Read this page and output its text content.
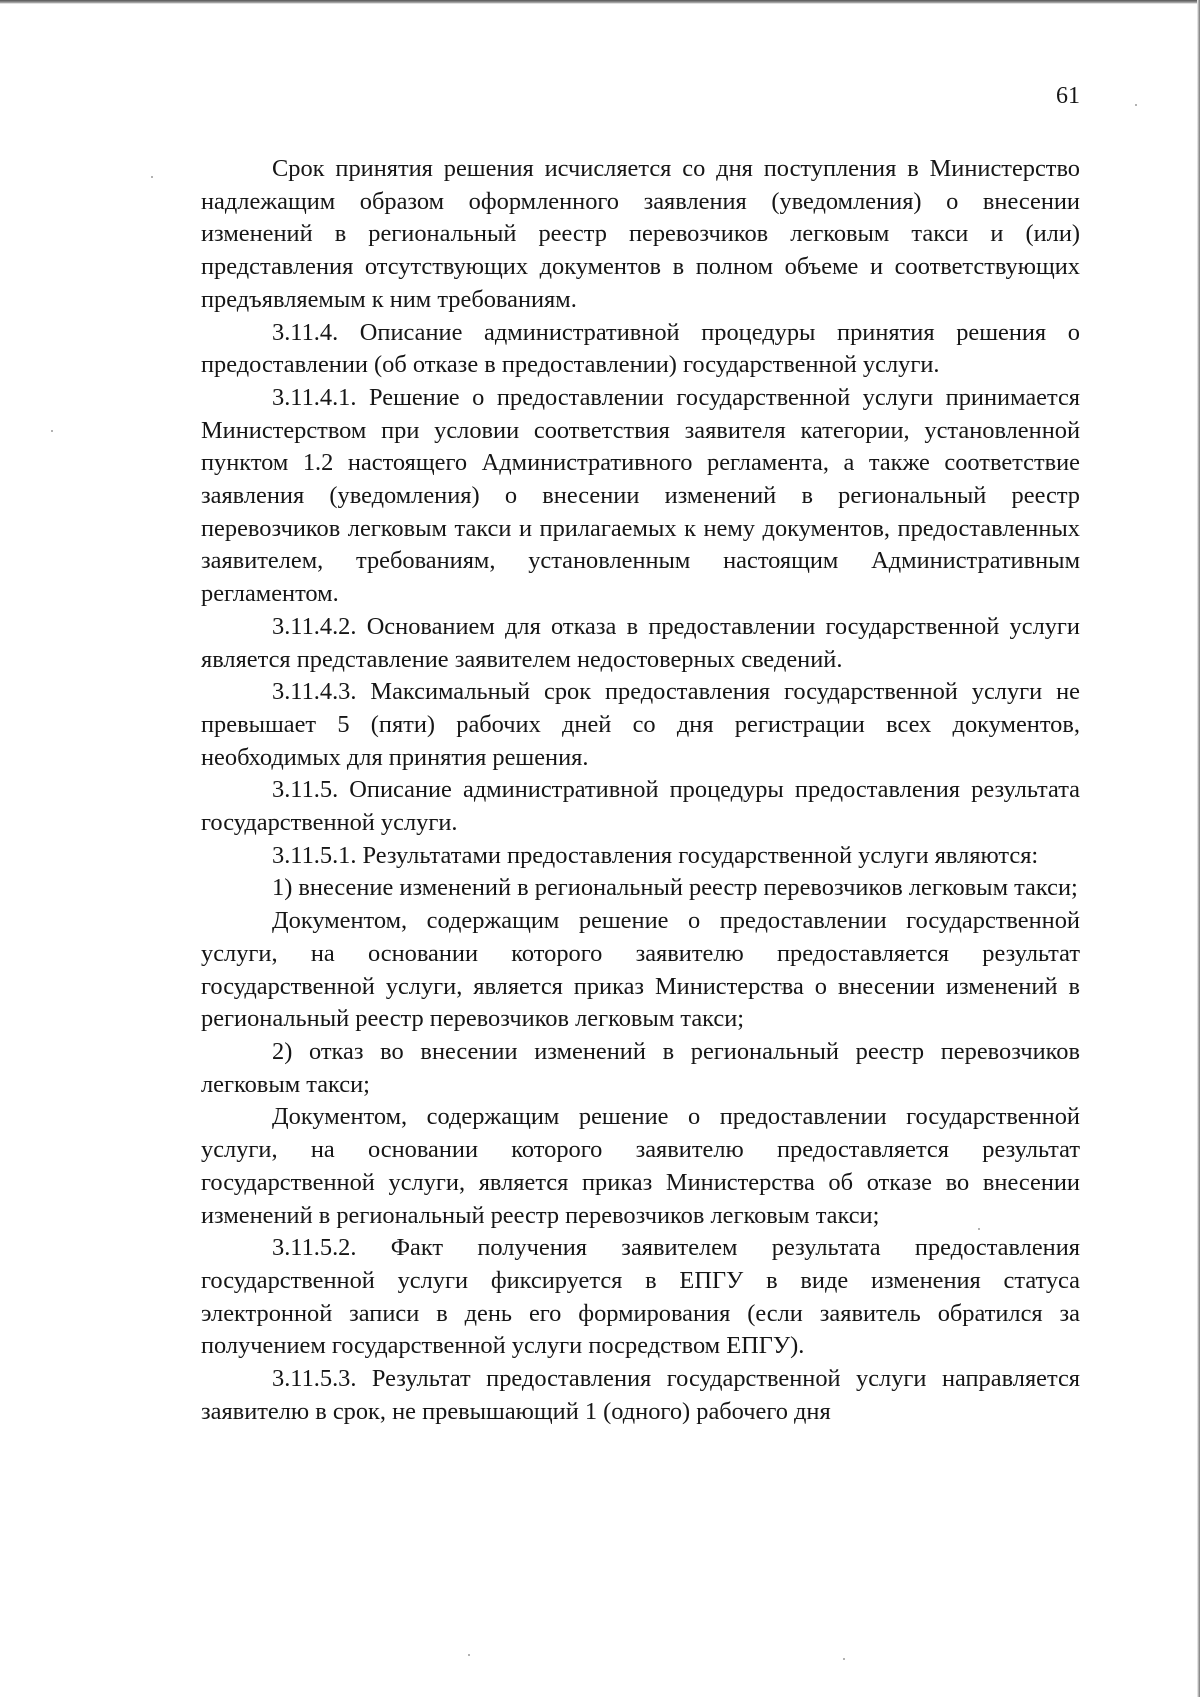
61

Срок принятия решения исчисляется со дня поступления в Министерство надлежащим образом оформленного заявления (уведомления) о внесении изменений в региональный реестр перевозчиков легковым такси и (или) представления отсутствующих документов в полном объеме и соответствующих предъявляемым к ним требованиям.

3.11.4. Описание административной процедуры принятия решения о предоставлении (об отказе в предоставлении) государственной услуги.

3.11.4.1. Решение о предоставлении государственной услуги принимается Министерством при условии соответствия заявителя категории, установленной пунктом 1.2 настоящего Административного регламента, а также соответствие заявления (уведомления) о внесении изменений в региональный реестр перевозчиков легковым такси и прилагаемых к нему документов, предоставленных заявителем, требованиям, установленным настоящим Административным регламентом.

3.11.4.2. Основанием для отказа в предоставлении государственной услуги является представление заявителем недостоверных сведений.

3.11.4.3. Максимальный срок предоставления государственной услуги не превышает 5 (пяти) рабочих дней со дня регистрации всех документов, необходимых для принятия решения.

3.11.5. Описание административной процедуры предоставления результата государственной услуги.

3.11.5.1. Результатами предоставления государственной услуги являются:

1) внесение изменений в региональный реестр перевозчиков легковым такси;

Документом, содержащим решение о предоставлении государственной услуги, на основании которого заявителю предоставляется результат государственной услуги, является приказ Министерства о внесении изменений в региональный реестр перевозчиков легковым такси;

2) отказ во внесении изменений в региональный реестр перевозчиков легковым такси;

Документом, содержащим решение о предоставлении государственной услуги, на основании которого заявителю предоставляется результат государственной услуги, является приказ Министерства об отказе во внесении изменений в региональный реестр перевозчиков легковым такси;

3.11.5.2. Факт получения заявителем результата предоставления государственной услуги фиксируется в ЕПГУ в виде изменения статуса электронной записи в день его формирования (если заявитель обратился за получением государственной услуги посредством ЕПГУ).

3.11.5.3. Результат предоставления государственной услуги направляется заявителю в срок, не превышающий 1 (одного) рабочего дня
